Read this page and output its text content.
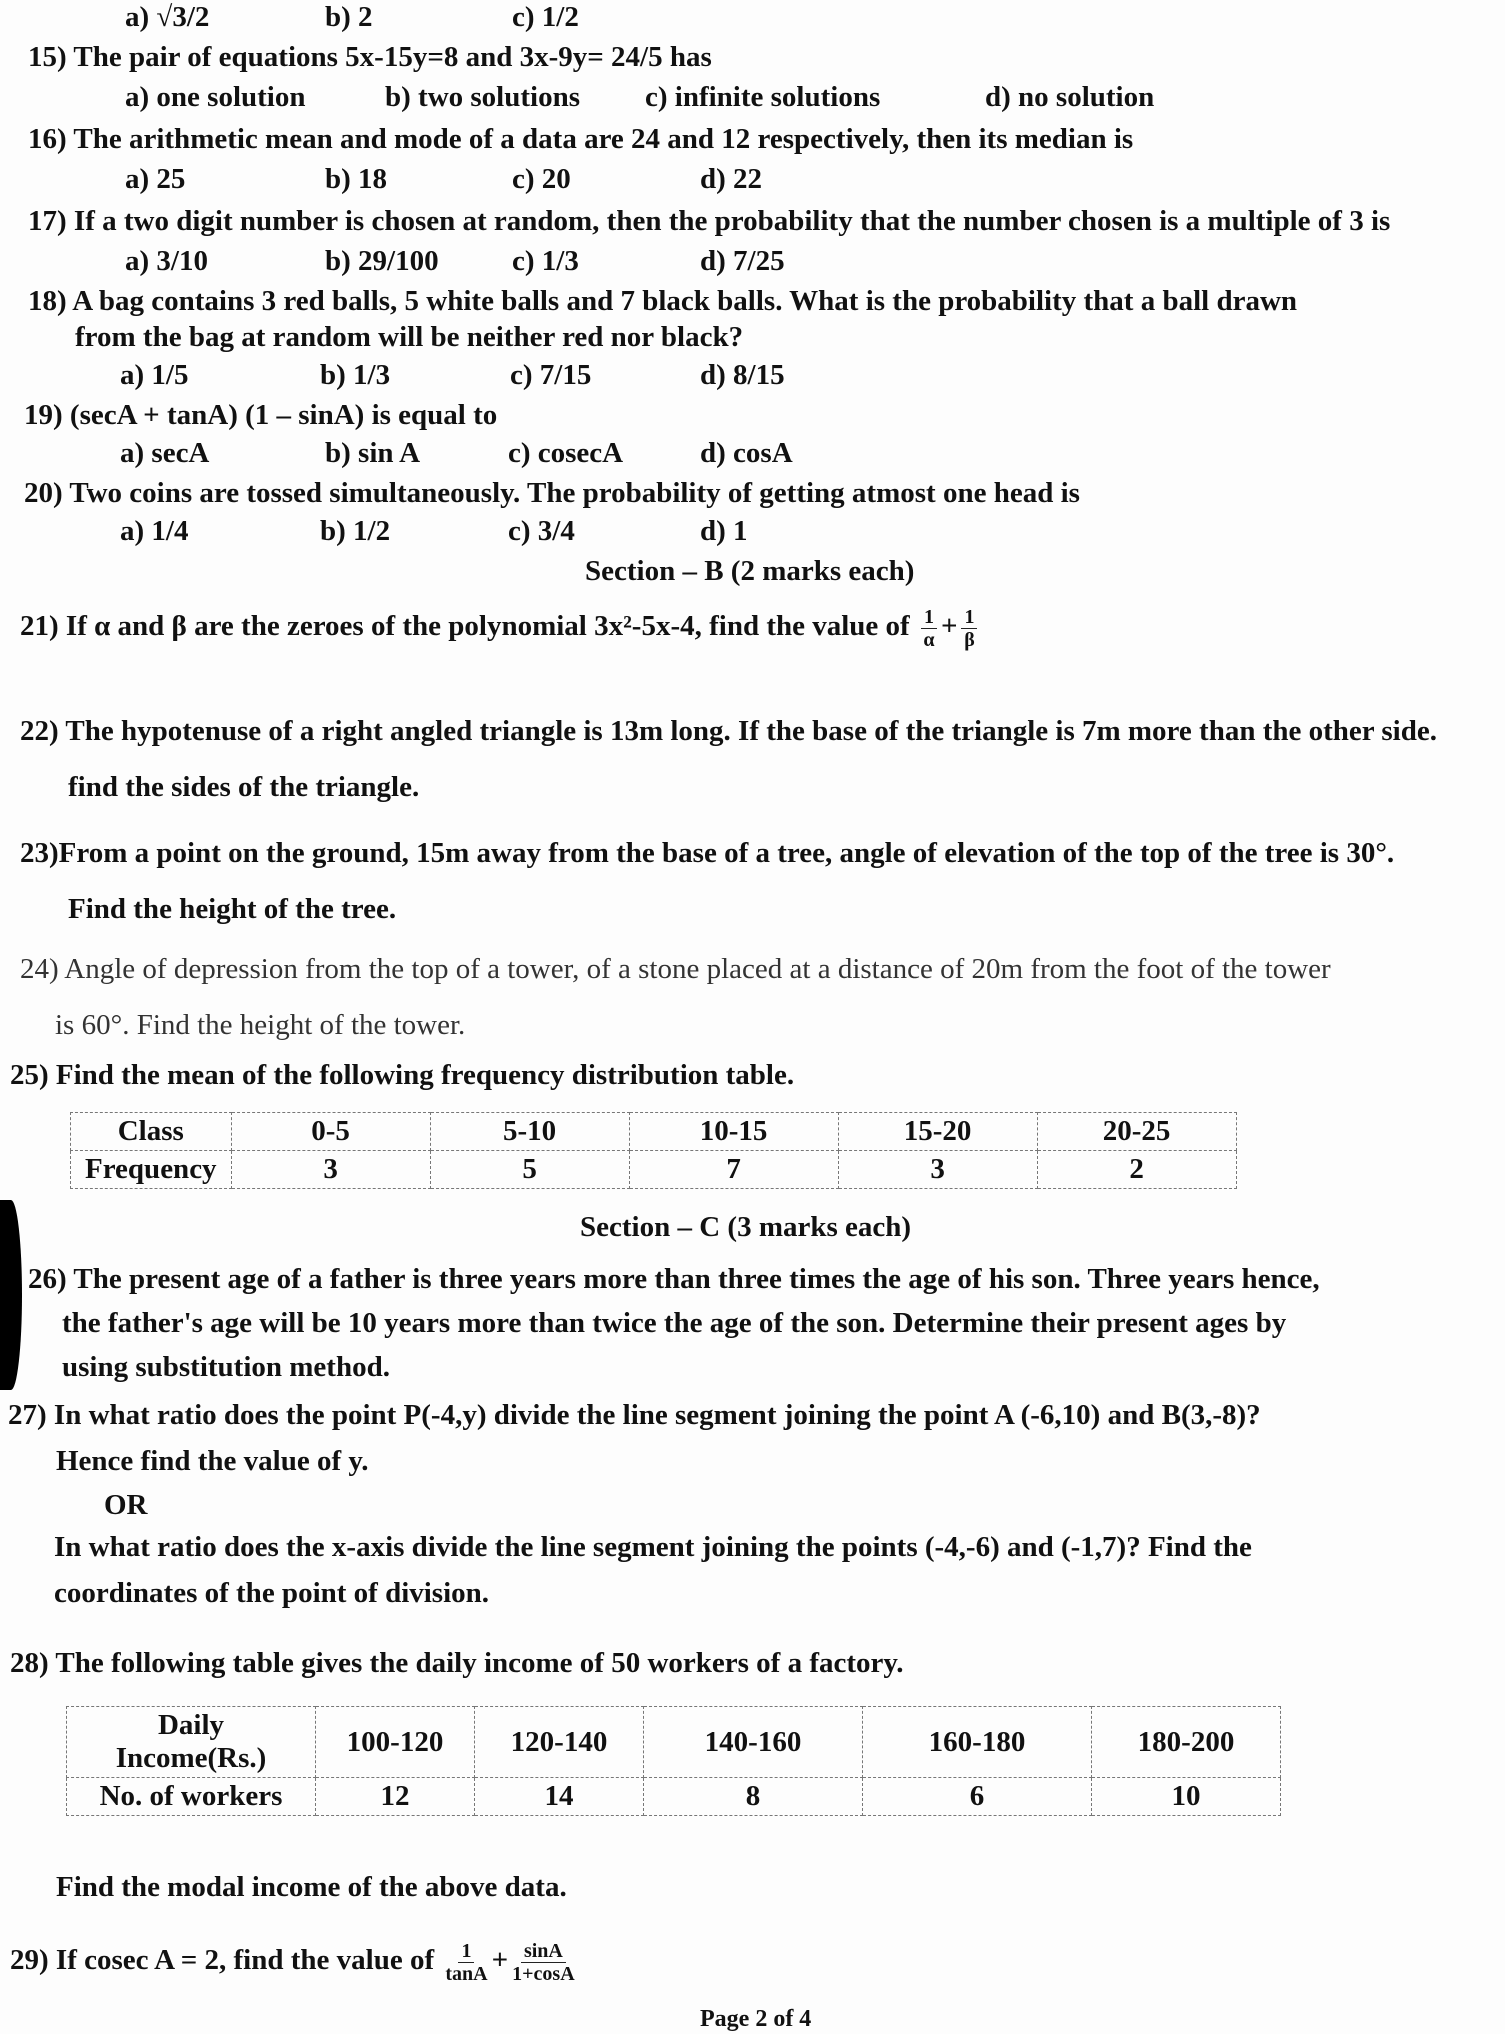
a) √3/2	b) 2	c) 1/2
15) The pair of equations 5x-15y=8 and 3x-9y= 24/5 has
a) one solution	b) two solutions c) infinite solutions	d) no solution
16) The arithmetic mean and mode of a data are 24 and 12 respectively, then its median is
a) 25	b) 18	c) 20	d) 22
17) If a two digit number is chosen at random, then the probability that the number chosen is a multiple of 3 is
a) 3/10	b) 29/100	c) 1/3	d) 7/25
18) A bag contains 3 red balls, 5 white balls and 7 black balls. What is the probability that a ball drawn
from the bag at random will be neither red nor black?
a) 1/5	b) 1/3	c) 7/15	d) 8/15
19) (secA + tanA) (1 – sinA) is equal to
a) secA	b) sin A	c) cosecA	d) cosA
20) Two coins are tossed simultaneously. The probability of getting atmost one head is
a) 1/4	b) 1/2	c) 3/4	d) 1
Section – B (2 marks each)
21) If α and β are the zeroes of the polynomial 3x²-5x-4, find the value of $\frac{1}{\alpha} + \frac{1}{\beta}$
22) The hypotenuse of a right angled triangle is 13m long. If the base of the triangle is 7m more than the other side.
find the sides of the triangle.
23)From a point on the ground, 15m away from the base of a tree, angle of elevation of the top of the tree is 30°.
Find the height of the tree.
24) Angle of depression from the top of a tower, of a stone placed at a distance of 20m from the foot of the tower
is 60°. Find the height of the tower.
25) Find the mean of the following frequency distribution table.
Class	0-5	5-10	10-15	15-20	20-25
Frequency	3	5	7	3	2
Section – C (3 marks each)
26) The present age of a father is three years more than three times the age of his son. Three years hence,
the father's age will be 10 years more than twice the age of the son. Determine their present ages by
using substitution method.
27) In what ratio does the point P(-4,y) divide the line segment joining the point A (-6,10) and B(3,-8)?
Hence find the value of y.
OR
In what ratio does the x-axis divide the line segment joining the points (-4,-6) and (-1,7)? Find the
coordinates of the point of division.
28) The following table gives the daily income of 50 workers of a factory.
Daily Income(Rs.)	100-120	120-140	140-160	160-180	180-200
No. of workers	12	14	8	6	10
Find the modal income of the above data.
29) If cosec A = 2, find the value of $\frac{1}{\tan A} + \frac{\sin A}{1+\cos A}$
Page 2 of 4
